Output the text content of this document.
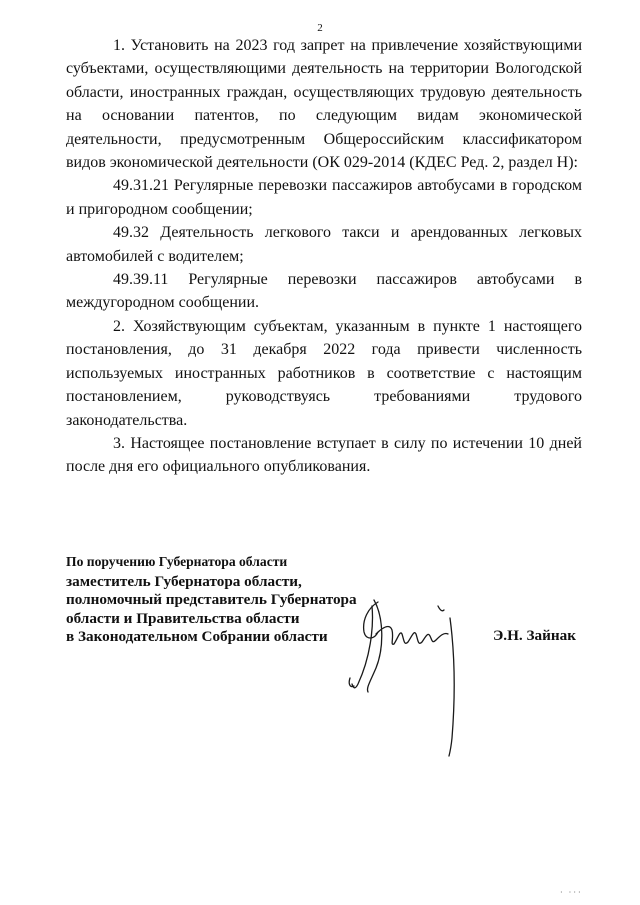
2

1. Установить на 2023 год запрет на привлечение хозяйствующими субъектами, осуществляющими деятельность на территории Вологодской области, иностранных граждан, осуществляющих трудовую деятельность на основании патентов, по следующим видам экономической деятельности, предусмотренным Общероссийским классификатором видов экономической деятельности (ОК 029-2014 (КДЕС Ред. 2, раздел Н):

49.31.21 Регулярные перевозки пассажиров автобусами в городском и пригородном сообщении;

49.32 Деятельность легкового такси и арендованных легковых автомобилей с водителем;

49.39.11 Регулярные перевозки пассажиров автобусами в междугородном сообщении.

2. Хозяйствующим субъектам, указанным в пункте 1 настоящего постановления, до 31 декабря 2022 года привести численность используемых иностранных работников в соответствие с настоящим постановлением, руководствуясь требованиями трудового законодательства.

3. Настоящее постановление вступает в силу по истечении 10 дней после дня его официального опубликования.

По поручению Губернатора области
заместитель Губернатора области,
полномочный представитель Губернатора
области и Правительства области
в Законодательном Собрании области	Э.Н. Зайнак
· ···
